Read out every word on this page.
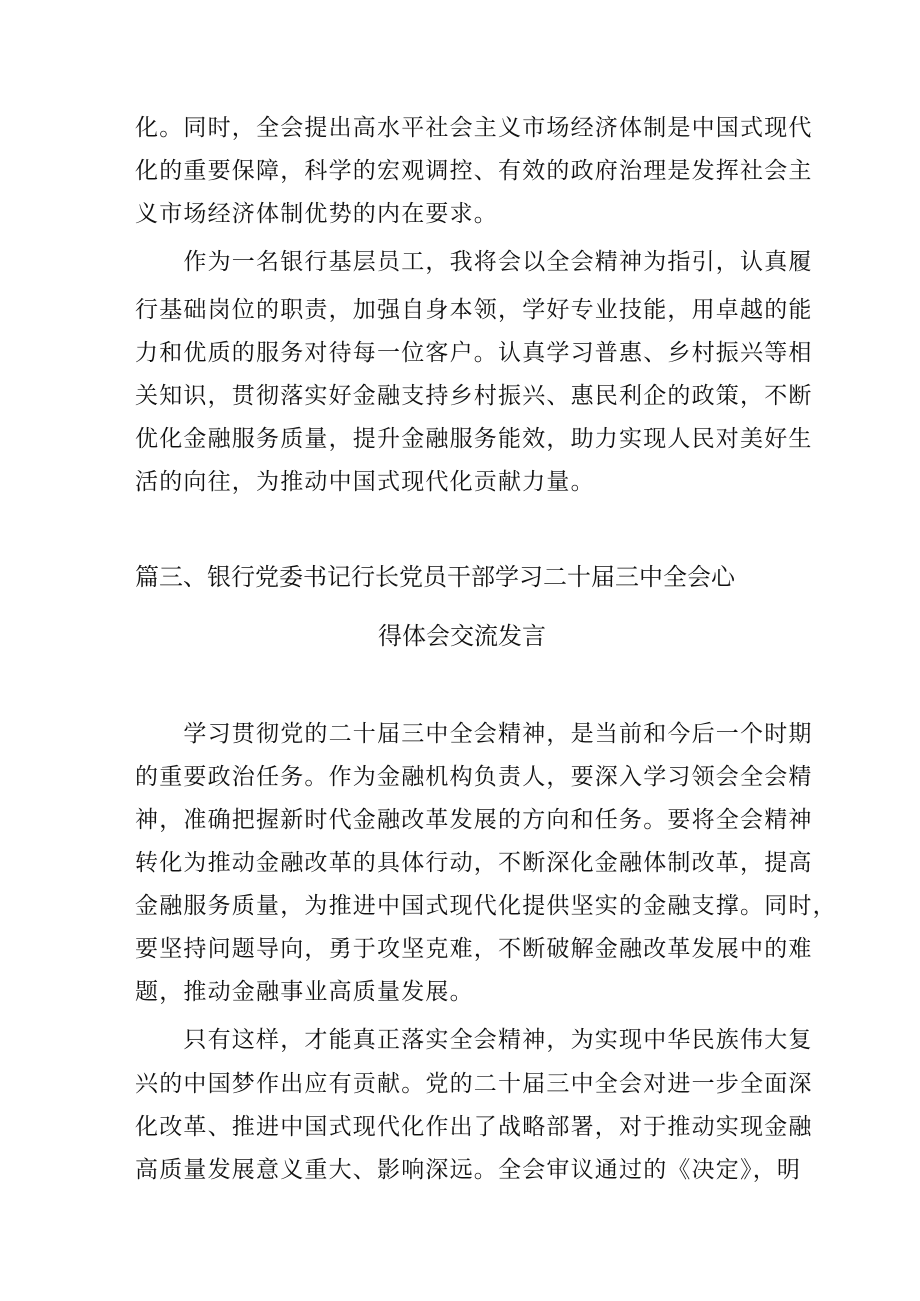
化。同时，全会提出高水平社会主义市场经济体制是中国式现代
化的重要保障，科学的宏观调控、有效的政府治理是发挥社会主
义市场经济体制优势的内在要求。
　　作为一名银行基层员工，我将会以全会精神为指引，认真履
行基础岗位的职责，加强自身本领，学好专业技能，用卓越的能
力和优质的服务对待每一位客户。认真学习普惠、乡村振兴等相
关知识，贯彻落实好金融支持乡村振兴、惠民利企的政策，不断
优化金融服务质量，提升金融服务能效，助力实现人民对美好生
活的向往，为推动中国式现代化贡献力量。
篇三、银行党委书记行长党员干部学习二十届三中全会心
得体会交流发言
　　学习贯彻党的二十届三中全会精神，是当前和今后一个时期
的重要政治任务。作为金融机构负责人，要深入学习领会全会精
神，准确把握新时代金融改革发展的方向和任务。要将全会精神
转化为推动金融改革的具体行动，不断深化金融体制改革，提高
金融服务质量，为推进中国式现代化提供坚实的金融支撑。同时，
要坚持问题导向，勇于攻坚克难，不断破解金融改革发展中的难
题，推动金融事业高质量发展。
　　只有这样，才能真正落实全会精神，为实现中华民族伟大复
兴的中国梦作出应有贡献。党的二十届三中全会对进一步全面深
化改革、推进中国式现代化作出了战略部署，对于推动实现金融
高质量发展意义重大、影响深远。全会审议通过的《决定》，明
